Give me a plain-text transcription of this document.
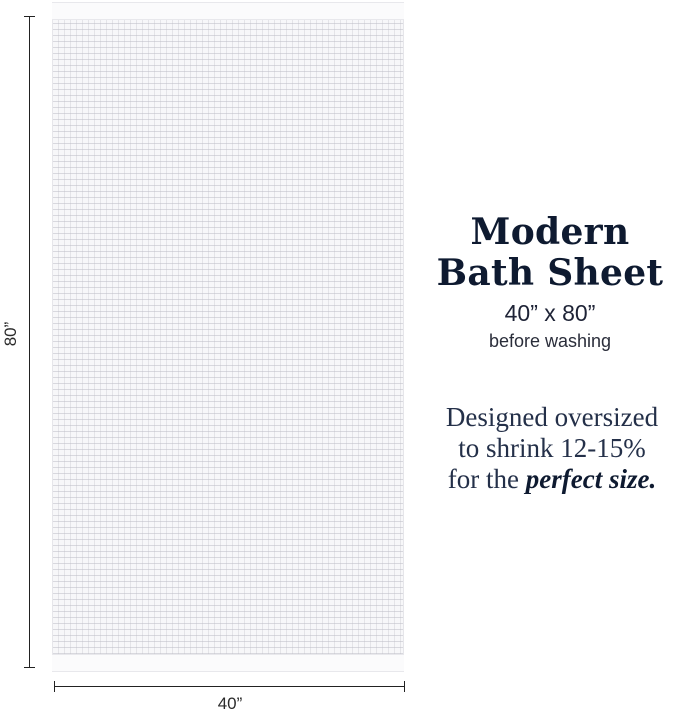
80”
40”
Modern
Bath Sheet
40” x 80”
before washing
Designed oversized
to shrink 12-15%
for the perfect size.
